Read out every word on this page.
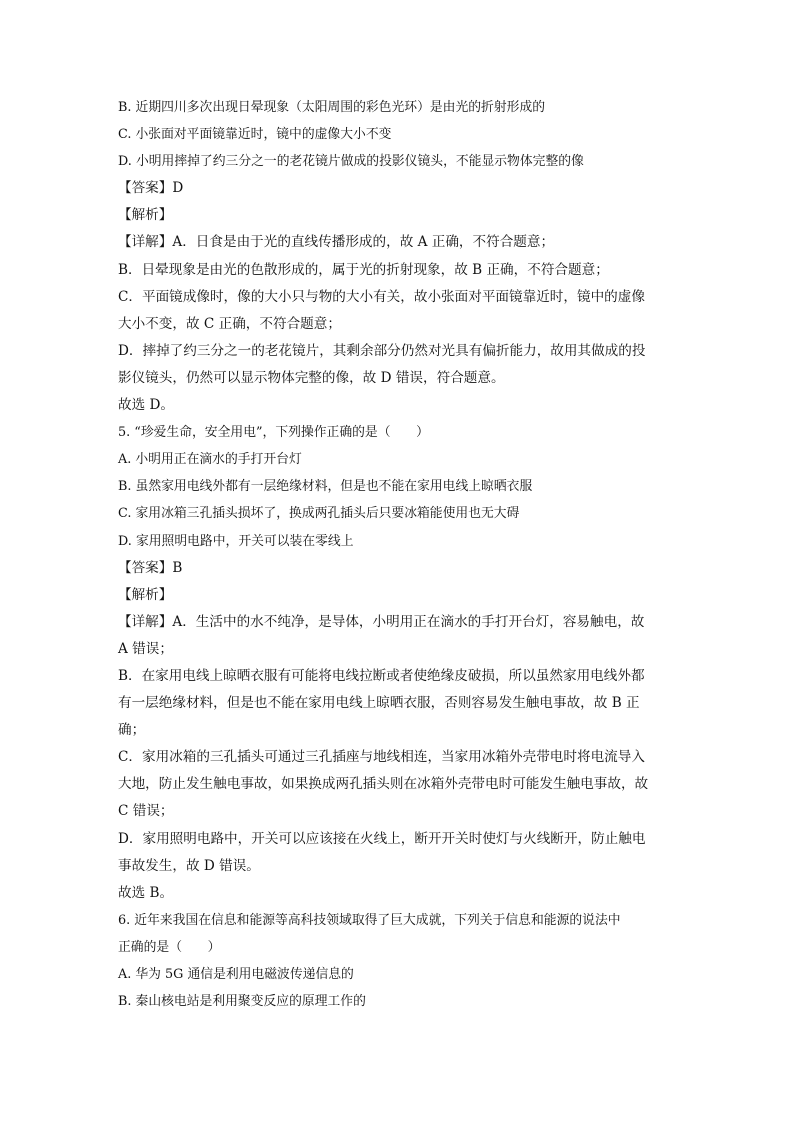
B. 近期四川多次出现日晕现象（太阳周围的彩色光环）是由光的折射形成的
C. 小张面对平面镜靠近时，镜中的虚像大小不变
D. 小明用摔掉了约三分之一的老花镜片做成的投影仪镜头，不能显示物体完整的像
【答案】D
【解析】
【详解】A．日食是由于光的直线传播形成的，故 A 正确，不符合题意；
B．日晕现象是由光的色散形成的，属于光的折射现象，故 B 正确，不符合题意；
C．平面镜成像时，像的大小只与物的大小有关，故小张面对平面镜靠近时，镜中的虚像
大小不变，故 C 正确，不符合题意；
D．摔掉了约三分之一的老花镜片，其剩余部分仍然对光具有偏折能力，故用其做成的投
影仪镜头，仍然可以显示物体完整的像，故 D 错误，符合题意。
故选 D。
5. “珍爱生命，安全用电”，下列操作正确的是（　　）
A. 小明用正在滴水的手打开台灯
B. 虽然家用电线外都有一层绝缘材料，但是也不能在家用电线上晾晒衣服
C. 家用冰箱三孔插头损坏了，换成两孔插头后只要冰箱能使用也无大碍
D. 家用照明电路中，开关可以装在零线上
【答案】B
【解析】
【详解】A．生活中的水不纯净，是导体，小明用正在滴水的手打开台灯，容易触电，故
A 错误；
B．在家用电线上晾晒衣服有可能将电线拉断或者使绝缘皮破损，所以虽然家用电线外都
有一层绝缘材料，但是也不能在家用电线上晾晒衣服，否则容易发生触电事故，故 B 正
确；
C．家用冰箱的三孔插头可通过三孔插座与地线相连，当家用冰箱外壳带电时将电流导入
大地，防止发生触电事故，如果换成两孔插头则在冰箱外壳带电时可能发生触电事故，故
C 错误；
D．家用照明电路中，开关可以应该接在火线上，断开开关时使灯与火线断开，防止触电
事故发生，故 D 错误。
故选 B。
6. 近年来我国在信息和能源等高科技领域取得了巨大成就，下列关于信息和能源的说法中
正确的是（　　）
A. 华为 5G 通信是利用电磁波传递信息的
B. 秦山核电站是利用聚变反应的原理工作的
